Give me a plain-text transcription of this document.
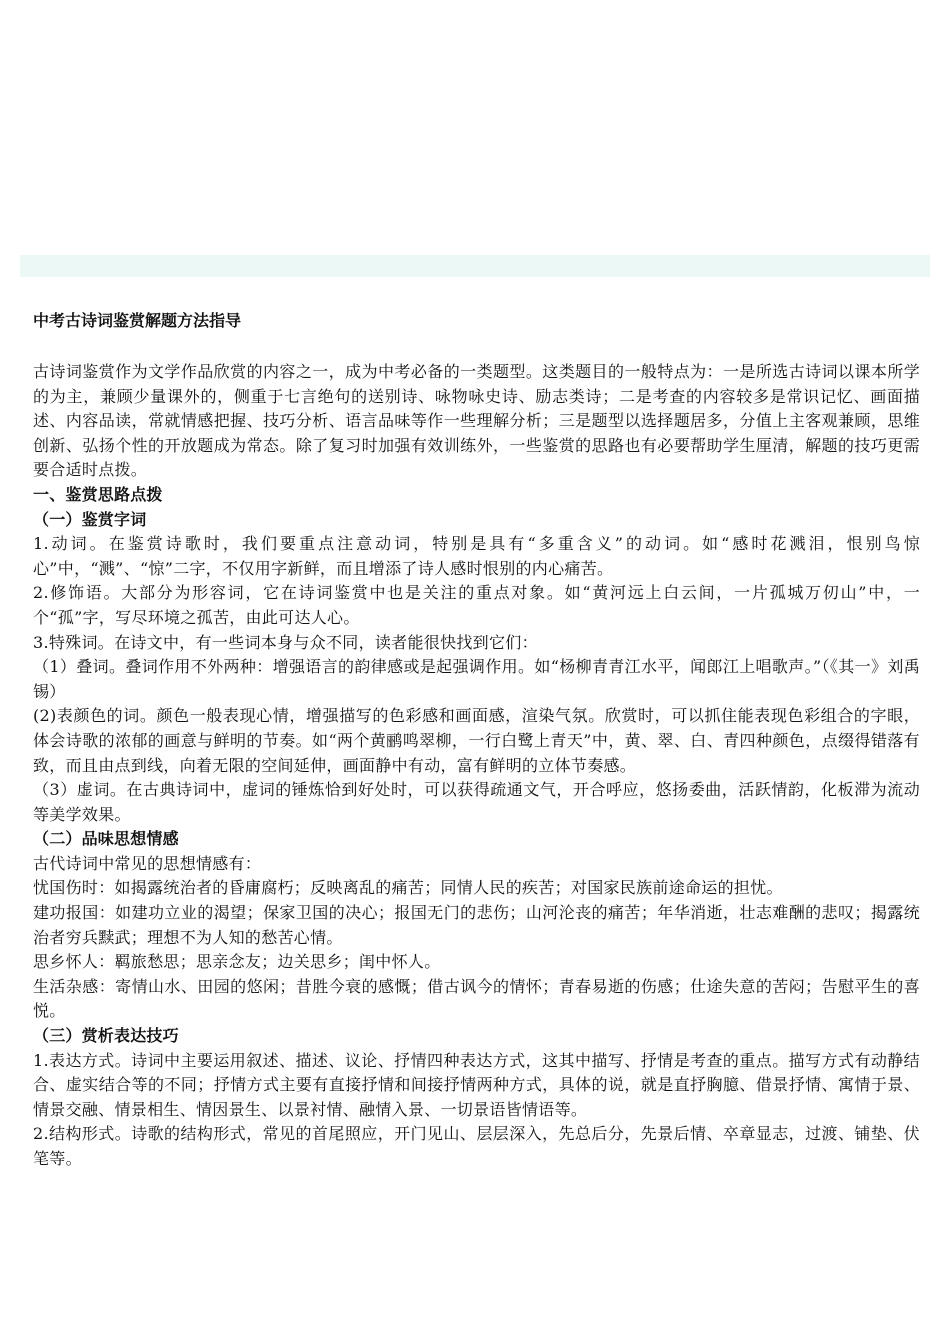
中考古诗词鉴赏解题方法指导

古诗词鉴赏作为文学作品欣赏的内容之一，成为中考必备的一类题型。这类题目的一般特点为：一是所选古诗词以课本所学的为主，兼顾少量课外的，侧重于七言绝句的送别诗、咏物咏史诗、励志类诗；二是考查的内容较多是常识记忆、画面描述、内容品读，常就情感把握、技巧分析、语言品味等作一些理解分析；三是题型以选择题居多，分值上主客观兼顾，思维创新、弘扬个性的开放题成为常态。除了复习时加强有效训练外，一些鉴赏的思路也有必要帮助学生厘清，解题的技巧更需要合适时点拨。

一、鉴赏思路点拨

（一）鉴赏字词

1.动词。在鉴赏诗歌时，我们要重点注意动词，特别是具有“多重含义”的动词。如“感时花溅泪，恨别鸟惊心”中，“溅”、“惊”二字，不仅用字新鲜，而且增添了诗人感时恨别的内心痛苦。

2.修饰语。大部分为形容词，它在诗词鉴赏中也是关注的重点对象。如“黄河远上白云间，一片孤城万仞山”中，一个“孤”字，写尽环境之孤苦，由此可达人心。

3.特殊词。在诗文中，有一些词本身与众不同，读者能很快找到它们：

（1）叠词。叠词作用不外两种：增强语言的韵律感或是起强调作用。如“杨柳青青江水平，闻郎江上唱歌声。”（《其一》刘禹锡）

(2)表颜色的词。颜色一般表现心情，增强描写的色彩感和画面感，渲染气氛。欣赏时，可以抓住能表现色彩组合的字眼，体会诗歌的浓郁的画意与鲜明的节奏。如“两个黄鹂鸣翠柳，一行白鹭上青天”中，黄、翠、白、青四种颜色，点缀得错落有致，而且由点到线，向着无限的空间延伸，画面静中有动，富有鲜明的立体节奏感。

（3）虚词。在古典诗词中，虚词的锤炼恰到好处时，可以获得疏通文气，开合呼应，悠扬委曲，活跃情韵，化板滞为流动等美学效果。

（二）品味思想情感

古代诗词中常见的思想情感有：

忧国伤时：如揭露统治者的昏庸腐朽；反映离乱的痛苦；同情人民的疾苦；对国家民族前途命运的担忧。

建功报国：如建功立业的渴望；保家卫国的决心；报国无门的悲伤；山河沦丧的痛苦；年华消逝，壮志难酬的悲叹；揭露统治者穷兵黩武；理想不为人知的愁苦心情。

思乡怀人：羁旅愁思；思亲念友；边关思乡；闺中怀人。

生活杂感：寄情山水、田园的悠闲；昔胜今衰的感慨；借古讽今的情怀；青春易逝的伤感；仕途失意的苦闷；告慰平生的喜悦。

（三）赏析表达技巧

1.表达方式。诗词中主要运用叙述、描述、议论、抒情四种表达方式，这其中描写、抒情是考查的重点。描写方式有动静结合、虚实结合等的不同；抒情方式主要有直接抒情和间接抒情两种方式，具体的说，就是直抒胸臆、借景抒情、寓情于景、情景交融、情景相生、情因景生、以景衬情、融情入景、一切景语皆情语等。

2.结构形式。诗歌的结构形式，常见的首尾照应，开门见山、层层深入，先总后分，先景后情、卒章显志，过渡、铺垫、伏笔等。
